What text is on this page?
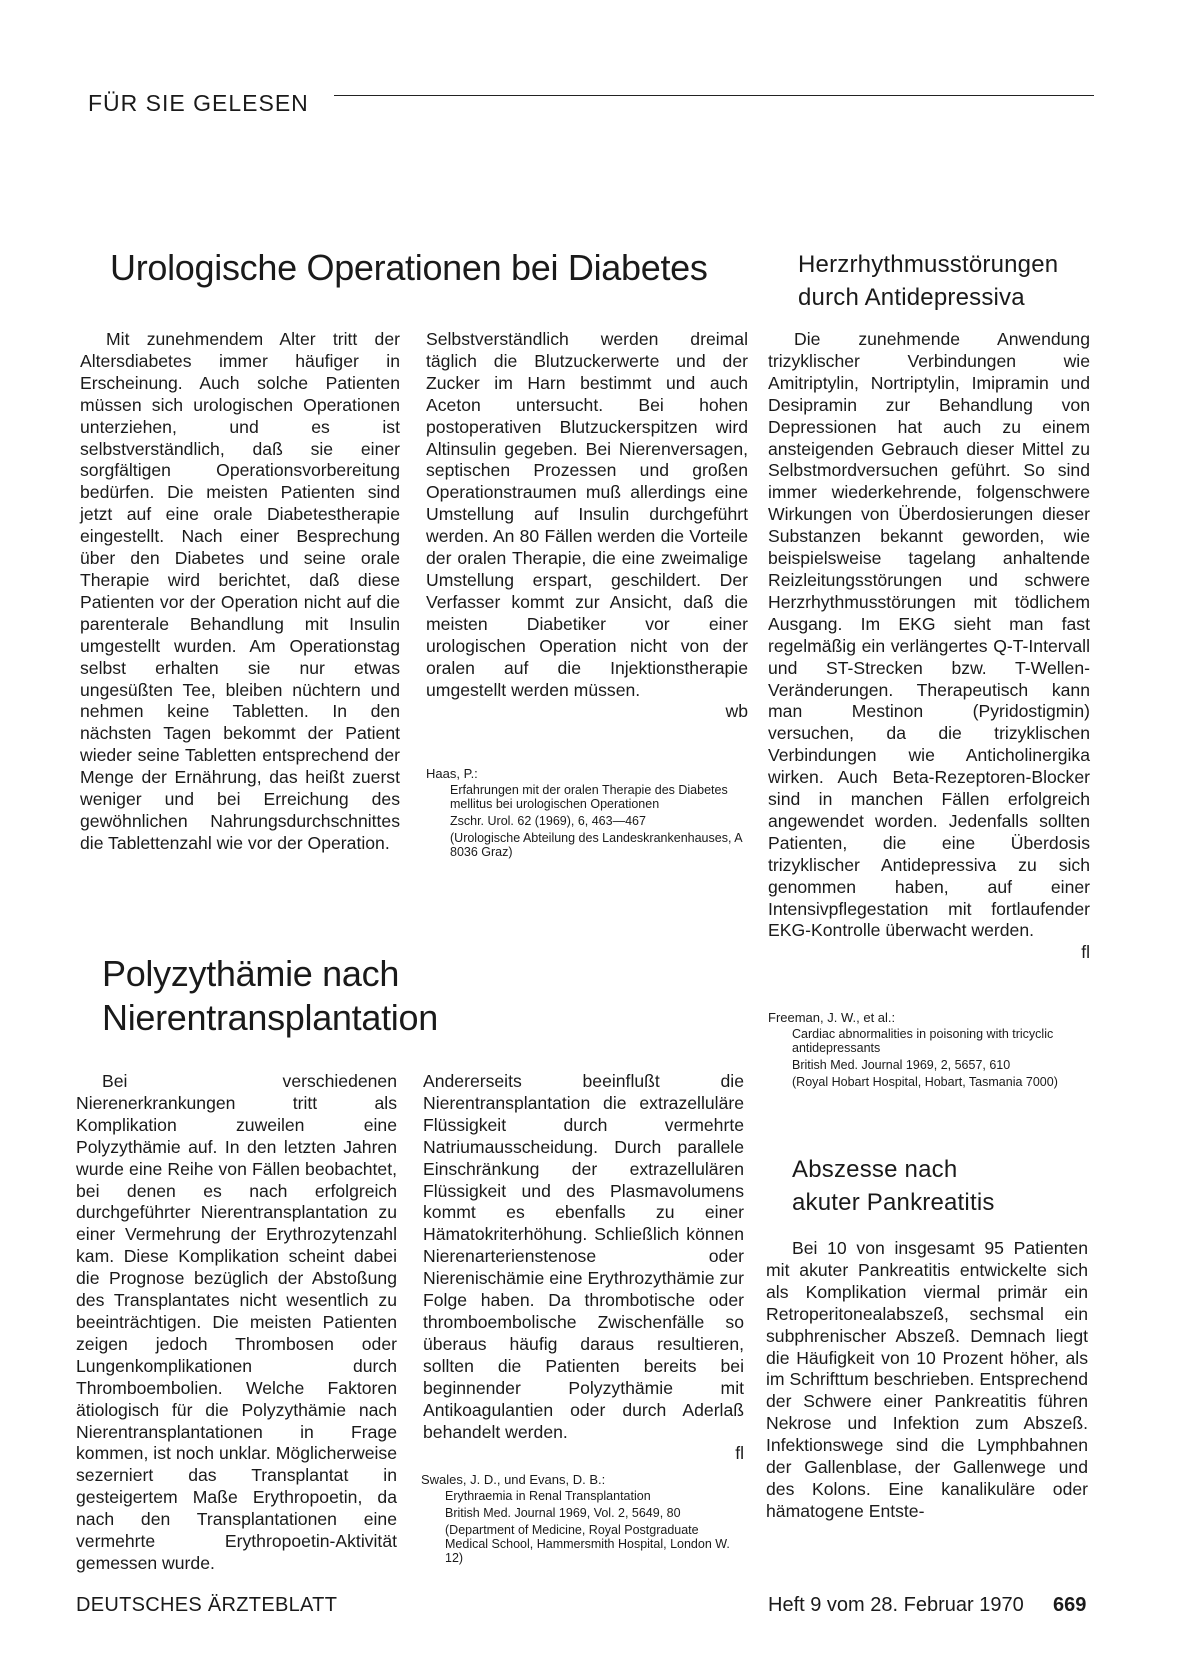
FÜR SIE GELESEN
Urologische Operationen bei Diabetes

Mit zunehmendem Alter tritt der Altersdiabetes immer häufiger in Erscheinung. Auch solche Patienten müssen sich urologischen Operationen unterziehen, und es ist selbstverständlich, daß sie einer sorgfältigen Operationsvorbereitung bedürfen. Die meisten Patienten sind jetzt auf eine orale Diabetestherapie eingestellt. Nach einer Besprechung über den Diabetes und seine orale Therapie wird berichtet, daß diese Patienten vor der Operation nicht auf die parenterale Behandlung mit Insulin umgestellt wurden. Am Operationstag selbst erhalten sie nur etwas ungesüßten Tee, bleiben nüchtern und nehmen keine Tabletten. In den nächsten Tagen bekommt der Patient wieder seine Tabletten entsprechend der Menge der Ernährung, das heißt zuerst weniger und bei Erreichung des gewöhnlichen Nahrungsdurchschnittes die Tablettenzahl wie vor der Operation.

Selbstverständlich werden dreimal täglich die Blutzuckerwerte und der Zucker im Harn bestimmt und auch Aceton untersucht. Bei hohen postoperativen Blutzuckerspitzen wird Altinsulin gegeben. Bei Nierenversagen, septischen Prozessen und großen Operationstraumen muß allerdings eine Umstellung auf Insulin durchgeführt werden. An 80 Fällen werden die Vorteile der oralen Therapie, die eine zweimalige Umstellung erspart, geschildert. Der Verfasser kommt zur Ansicht, daß die meisten Diabetiker vor einer urologischen Operation nicht von der oralen auf die Injektionstherapie umgestellt werden müssen.

wb
Haas, P.:
Erfahrungen mit der oralen Therapie des Diabetes mellitus bei urologischen Operationen
Zschr. Urol. 62 (1969), 6, 463—467
(Urologische Abteilung des Landeskrankenhauses, A 8036 Graz)
Polyzythämie nach
Nierentransplantation

Bei verschiedenen Nierenerkrankungen tritt als Komplikation zuweilen eine Polyzythämie auf. In den letzten Jahren wurde eine Reihe von Fällen beobachtet, bei denen es nach erfolgreich durchgeführter Nierentransplantation zu einer Vermehrung der Erythrozytenzahl kam. Diese Komplikation scheint dabei die Prognose bezüglich der Abstoßung des Transplantates nicht wesentlich zu beeinträchtigen. Die meisten Patienten zeigen jedoch Thrombosen oder Lungenkomplikationen durch Thromboembolien. Welche Faktoren ätiologisch für die Polyzythämie nach Nierentransplantationen in Frage kommen, ist noch unklar. Möglicherweise sezerniert das Transplantat in gesteigertem Maße Erythropoetin, da nach den Transplantationen eine vermehrte Erythropoetin-Aktivität gemessen wurde.

Andererseits beeinflußt die Nierentransplantation die extrazelluläre Flüssigkeit durch vermehrte Natriumausscheidung. Durch parallele Einschränkung der extrazellulären Flüssigkeit und des Plasmavolumens kommt es ebenfalls zu einer Hämatokriterhöhung. Schließlich können Nierenarterienstenose oder Nierenischämie eine Erythrozythämie zur Folge haben. Da thrombotische oder thromboembolische Zwischenfälle so überaus häufig daraus resultieren, sollten die Patienten bereits bei beginnender Polyzythämie mit Antikoagulantien oder durch Aderlaß behandelt werden.

fl
Swales, J. D., und Evans, D. B.:
Erythraemia in Renal Transplantation
British Med. Journal 1969, Vol. 2, 5649, 80
(Department of Medicine, Royal Postgraduate Medical School, Hammersmith Hospital, London W. 12)
Herzrhythmusstörungen
durch Antidepressiva

Die zunehmende Anwendung trizyklischer Verbindungen wie Amitriptylin, Nortriptylin, Imipramin und Desipramin zur Behandlung von Depressionen hat auch zu einem ansteigenden Gebrauch dieser Mittel zu Selbstmordversuchen geführt. So sind immer wiederkehrende, folgenschwere Wirkungen von Überdosierungen dieser Substanzen bekannt geworden, wie beispielsweise tagelang anhaltende Reizleitungsstörungen und schwere Herzrhythmusstörungen mit tödlichem Ausgang. Im EKG sieht man fast regelmäßig ein verlängertes Q-T-Intervall und ST-Strecken bzw. T-Wellen-Veränderungen. Therapeutisch kann man Mestinon (Pyridostigmin) versuchen, da die trizyklischen Verbindungen wie Anticholinergika wirken. Auch Beta-Rezeptoren-Blocker sind in manchen Fällen erfolgreich angewendet worden. Jedenfalls sollten Patienten, die eine Überdosis trizyklischer Antidepressiva zu sich genommen haben, auf einer Intensivpflegestation mit fortlaufender EKG-Kontrolle überwacht werden.

fl
Freeman, J. W., et al.:
Cardiac abnormalities in poisoning with tricyclic antidepressants
British Med. Journal 1969, 2, 5657, 610
(Royal Hobart Hospital, Hobart, Tasmania 7000)
Abszesse nach
akuter Pankreatitis

Bei 10 von insgesamt 95 Patienten mit akuter Pankreatitis entwickelte sich als Komplikation viermal primär ein Retroperitonealabszeß, sechsmal ein subphrenischer Abszeß. Demnach liegt die Häufigkeit von 10 Prozent höher, als im Schrifttum beschrieben. Entsprechend der Schwere einer Pankreatitis führen Nekrose und Infektion zum Abszeß. Infektionswege sind die Lymphbahnen der Gallenblase, der Gallenwege und des Kolons. Eine kanalikuläre oder hämatogene Entste-

DEUTSCHES ÄRZTEBLATT	Heft 9 vom 28. Februar 1970 669
